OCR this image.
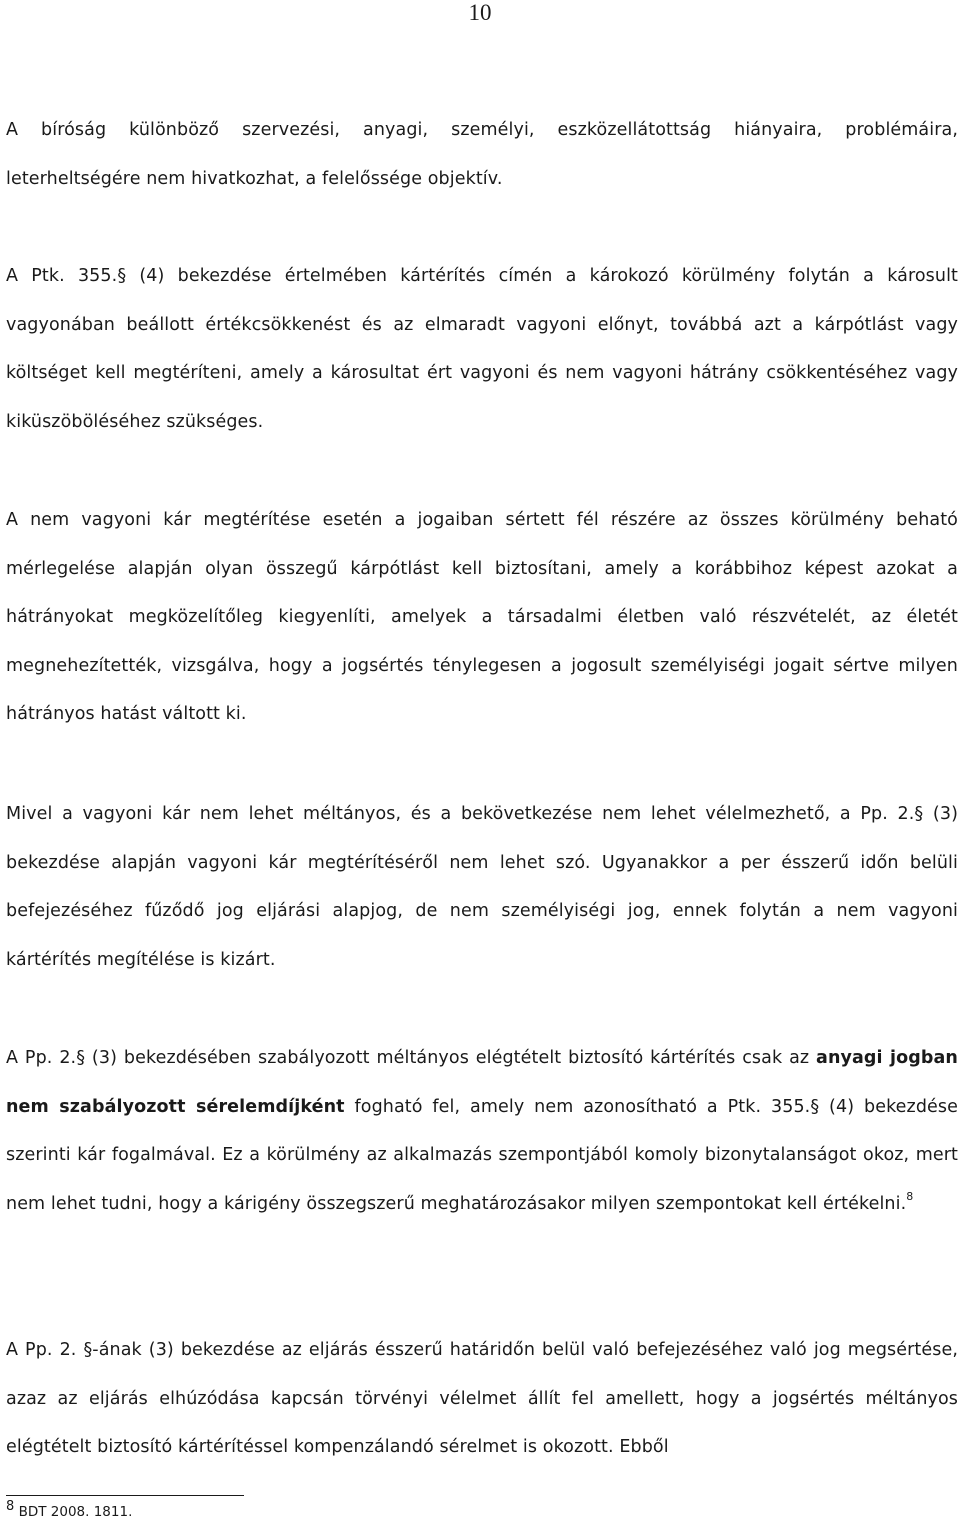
10

A bíróság különböző szervezési, anyagi, személyi, eszközellátottság hiányaira, problémáira, leterheltségére nem hivatkozhat, a felelőssége objektív.

A Ptk. 355.§ (4) bekezdése értelmében kártérítés címén a károkozó körülmény folytán a károsult vagyonában beállott értékcsökkenést és az elmaradt vagyoni előnyt, továbbá azt a kárpótlást vagy költséget kell megtéríteni, amely a károsultat ért vagyoni és nem vagyoni hátrány csökkentéséhez vagy kiküszöböléséhez szükséges.

A nem vagyoni kár megtérítése esetén a jogaiban sértett fél részére az összes körülmény beható mérlegelése alapján olyan összegű kárpótlást kell biztosítani, amely a korábbihoz képest azokat a hátrányokat megközelítőleg kiegyenlíti, amelyek a társadalmi életben való részvételét, az életét megnehezítették, vizsgálva, hogy a jogsértés ténylegesen a jogosult személyiségi jogait sértve milyen hátrányos hatást váltott ki.

Mivel a vagyoni kár nem lehet méltányos, és a bekövetkezése nem lehet vélelmezhető, a Pp. 2.§ (3) bekezdése alapján vagyoni kár megtérítéséről nem lehet szó. Ugyanakkor a per ésszerű időn belüli befejezéséhez fűződő jog eljárási alapjog, de nem személyiségi jog, ennek folytán a nem vagyoni kártérítés megítélése is kizárt.

A Pp. 2.§ (3) bekezdésében szabályozott méltányos elégtételt biztosító kártérítés csak az anyagi jogban nem szabályozott sérelemdíjként fogható fel, amely nem azonosítható a Ptk. 355.§ (4) bekezdése szerinti kár fogalmával. Ez a körülmény az alkalmazás szempontjából komoly bizonytalanságot okoz, mert nem lehet tudni, hogy a kárigény összegszerű meghatározásakor milyen szempontokat kell értékelni.$^8$

A Pp. 2. §-ának (3) bekezdése az eljárás ésszerű határidőn belül való befejezéséhez való jog megsértése, azaz az eljárás elhúzódása kapcsán törvényi vélelmet állít fel amellett, hogy a jogsértés méltányos elégtételt biztosító kártérítéssel kompenzálandó sérelmet is okozott. Ebből

$^8$ BDT 2008. 1811.
